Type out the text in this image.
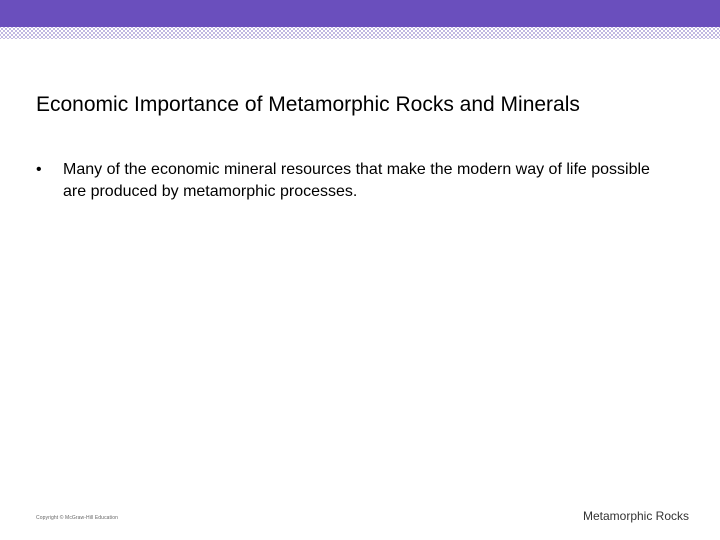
Economic Importance of Metamorphic Rocks and Minerals
•	Many of the economic mineral resources that make the modern way of life possible are produced by metamorphic processes.
Copyright © McGraw-Hill Education	Metamorphic Rocks
